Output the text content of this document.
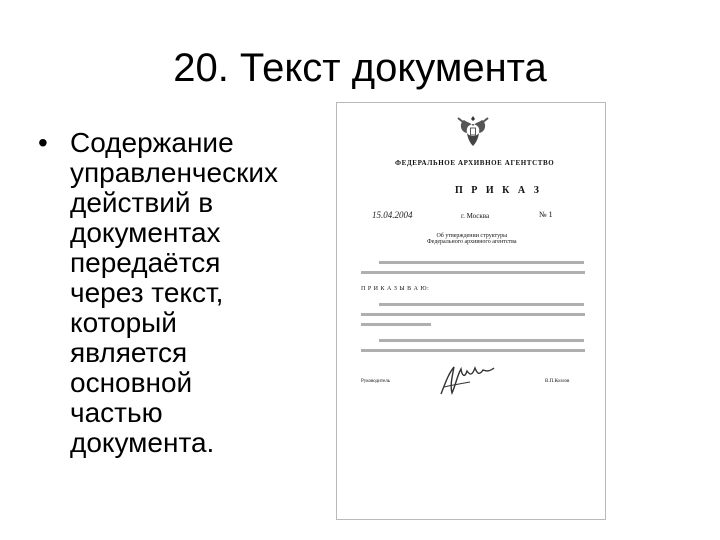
20. Текст документа
• Содержание
управленческих
действий в
документах
передаётся
через текст,
который
является
основной
частью
документа.
ФЕДЕРАЛЬНОЕ АРХИВНОЕ АГЕНТСТВО
П Р И К А З
15.04.2004	г. Москва	№ 1
Об утверждении структуры
Федерального архивного агентства
П Р И К А З Ы В А Ю:
Руководитель	В.П.Козлов
